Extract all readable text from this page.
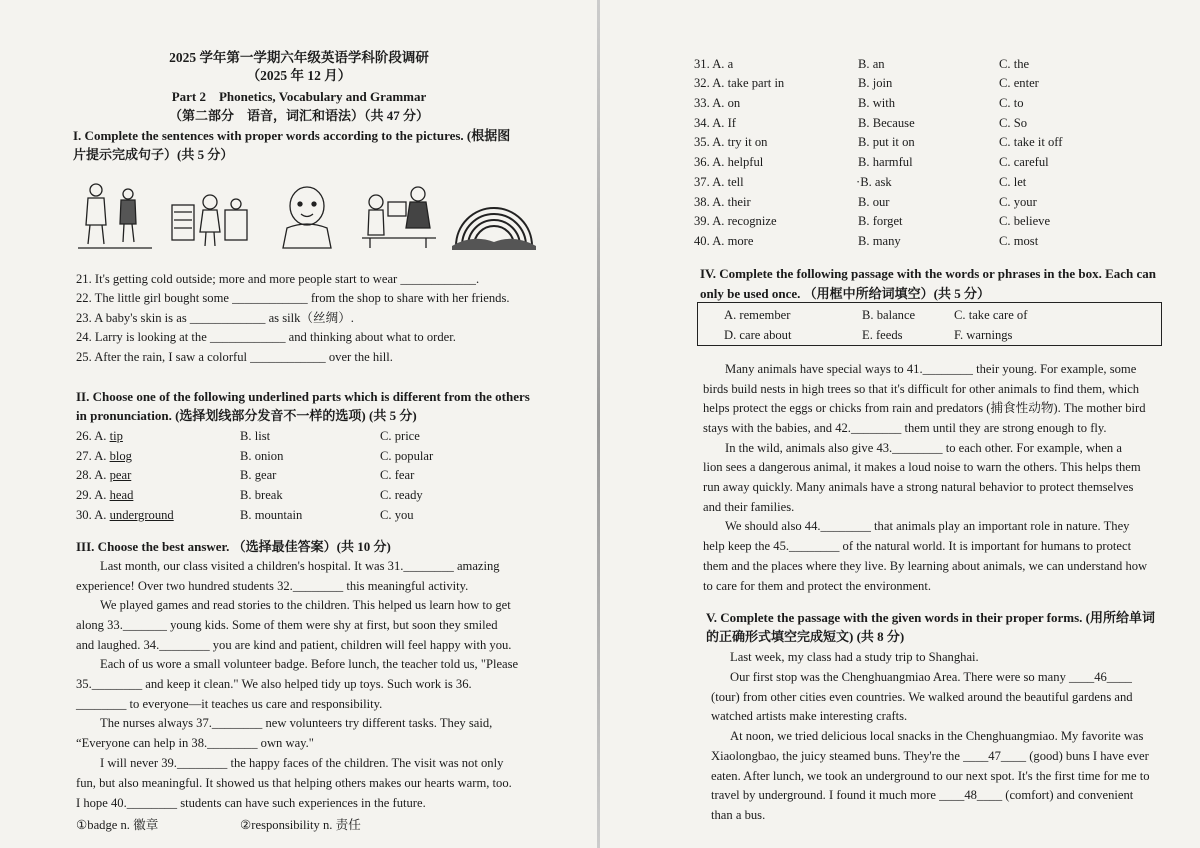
2025 学年第一学期六年级英语学科阶段调研
（2025 年 12 月）
Part 2　Phonetics, Vocabulary and Grammar
（第二部分　语音，词汇和语法）（共 47 分）
I. Complete the sentences with proper words according to the pictures. (根据图
片提示完成句子）(共 5 分）
21. It's getting cold outside; more and more people start to wear ____________.
22. The little girl bought some ____________ from the shop to share with her friends.
23. A baby's skin is as ____________ as silk（丝绸）.
24. Larry is looking at the ____________ and thinking about what to order.
25. After the rain, I saw a colorful ____________ over the hill.
II. Choose one of the following underlined parts which is different from the others
in pronunciation. (选择划线部分发音不一样的选项) (共 5 分)
26. A. tip	B. list	C. price
27. A. blog	B. onion	C. popular
28. A. pear	B. gear	C. fear
29. A. head	B. break	C. ready
30. A. underground	B. mountain	C. you
III. Choose the best answer. （选择最佳答案）(共 10 分)
Last month, our class visited a children's hospital. It was 31.________ amazing
experience! Over two hundred students 32.________ this meaningful activity.
We played games and read stories to the children. This helped us learn how to get
along 33._______ young kids. Some of them were shy at first, but soon they smiled
and laughed. 34.________ you are kind and patient, children will feel happy with you.
Each of us wore a small volunteer badge. Before lunch, the teacher told us, "Please
35.________ and keep it clean." We also helped tidy up toys. Such work is 36.
________ to everyone—it teaches us care and responsibility.
The nurses always 37.________ new volunteers try different tasks. They said,
“Everyone can help in 38.________ own way."
I will never 39.________ the happy faces of the children. The visit was not only
fun, but also meaningful. It showed us that helping others makes our hearts warm, too.
I hope 40.________ students can have such experiences in the future.
①badge n. 徽章	②responsibility n. 责任
31. A. a	B. an	C. the
32. A. take part in	B. join	C. enter
33. A. on	B. with	C. to
34. A. If	B. Because	C. So
35. A. try it on	B. put it on	C. take it off
36. A. helpful	B. harmful	C. careful
37. A. tell	·B. ask	C. let
38. A. their	B. our	C. your
39. A. recognize	B. forget	C. believe
40. A. more	B. many	C. most
IV. Complete the following passage with the words or phrases in the box. Each can
only be used once. （用框中所给词填空）(共 5 分）
A. remember	B. balance	C. take care of
D. care about	E. feeds	F. warnings
Many animals have special ways to 41.________ their young. For example, some
birds build nests in high trees so that it's difficult for other animals to find them, which
helps protect the eggs or chicks from rain and predators (捕食性动物). The mother bird
stays with the babies, and 42.________ them until they are strong enough to fly.
In the wild, animals also give 43.________ to each other. For example, when a
lion sees a dangerous animal, it makes a loud noise to warn the others. This helps them
run away quickly. Many animals have a strong natural behavior to protect themselves
and their families.
We should also 44.________ that animals play an important role in nature. They
help keep the 45.________ of the natural world. It is important for humans to protect
them and the places where they live. By learning about animals, we can understand how
to care for them and protect the environment.
V. Complete the passage with the given words in their proper forms. (用所给单词
的正确形式填空完成短文) (共 8 分)
Last week, my class had a study trip to Shanghai.
Our first stop was the Chenghuangmiao Area. There were so many ____46____
(tour) from other cities even countries. We walked around the beautiful gardens and
watched artists make interesting crafts.
At noon, we tried delicious local snacks in the Chenghuangmiao. My favorite was
Xiaolongbao, the juicy steamed buns. They're the ____47____ (good) buns I have ever
eaten. After lunch, we took an underground to our next spot. It's the first time for me to
travel by underground. I found it much more ____48____ (comfort) and convenient
than a bus.
